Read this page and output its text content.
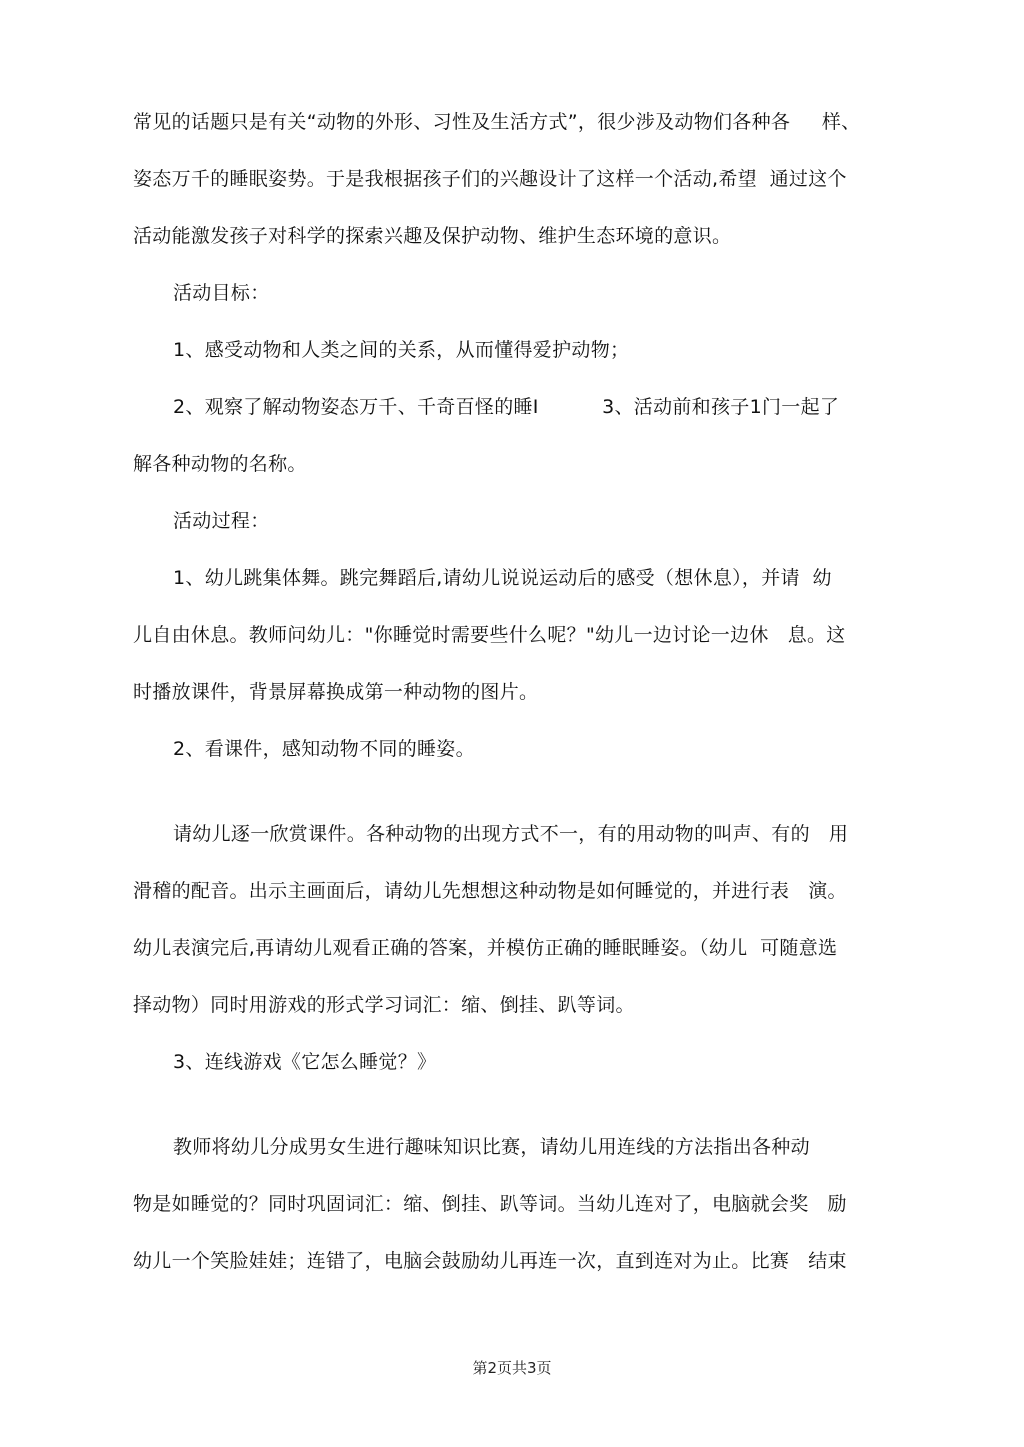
常见的话题只是有关“动物的外形、习性及生活方式”，很少涉及动物们各种各     样、
姿态万千的睡眠姿势。于是我根据孩子们的兴趣设计了这样一个活动,希望  通过这个
活动能激发孩子对科学的探索兴趣及保护动物、维护生态环境的意识。
活动目标：
1、感受动物和人类之间的关系，从而懂得爱护动物；
2、观察了解动物姿态万千、千奇百怪的睡I          3、活动前和孩子1门一起了
解各种动物的名称。
活动过程：
1、幼儿跳集体舞。跳完舞蹈后,请幼儿说说运动后的感受（想休息），并请  幼
儿自由休息。教师问幼儿："你睡觉时需要些什么呢？"幼儿一边讨论一边休   息。这
时播放课件，背景屏幕换成第一种动物的图片。
2、看课件，感知动物不同的睡姿。
请幼儿逐一欣赏课件。各种动物的出现方式不一，有的用动物的叫声、有的   用
滑稽的配音。出示主画面后，请幼儿先想想这种动物是如何睡觉的，并进行表   演。
幼儿表演完后,再请幼儿观看正确的答案，并模仿正确的睡眠睡姿。（幼儿  可随意选
择动物）同时用游戏的形式学习词汇：缩、倒挂、趴等词。
3、连线游戏《它怎么睡觉？》
教师将幼儿分成男女生进行趣味知识比赛，请幼儿用连线的方法指出各种动
物是如睡觉的？同时巩固词汇：缩、倒挂、趴等词。当幼儿连对了，电脑就会奖   励
幼儿一个笑脸娃娃；连错了，电脑会鼓励幼儿再连一次，直到连对为止。比赛   结束
第2页共3页
